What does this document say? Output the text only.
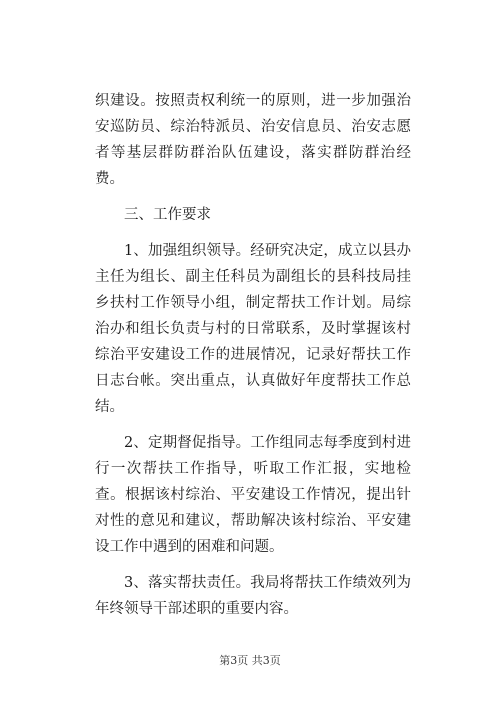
织建设。按照责权利统一的原则，进一步加强治安巡防员、综治特派员、治安信息员、治安志愿者等基层群防群治队伍建设，落实群防群治经费。

三、工作要求

1、加强组织领导。经研究决定，成立以县办主任为组长、副主任科员为副组长的县科技局挂乡扶村工作领导小组，制定帮扶工作计划。局综治办和组长负责与村的日常联系，及时掌握该村综治平安建设工作的进展情况，记录好帮扶工作日志台帐。突出重点，认真做好年度帮扶工作总结。

2、定期督促指导。工作组同志每季度到村进行一次帮扶工作指导，听取工作汇报，实地检查。根据该村综治、平安建设工作情况，提出针对性的意见和建议，帮助解决该村综治、平安建设工作中遇到的困难和问题。

3、落实帮扶责任。我局将帮扶工作绩效列为年终领导干部述职的重要内容。

第3页 共3页
